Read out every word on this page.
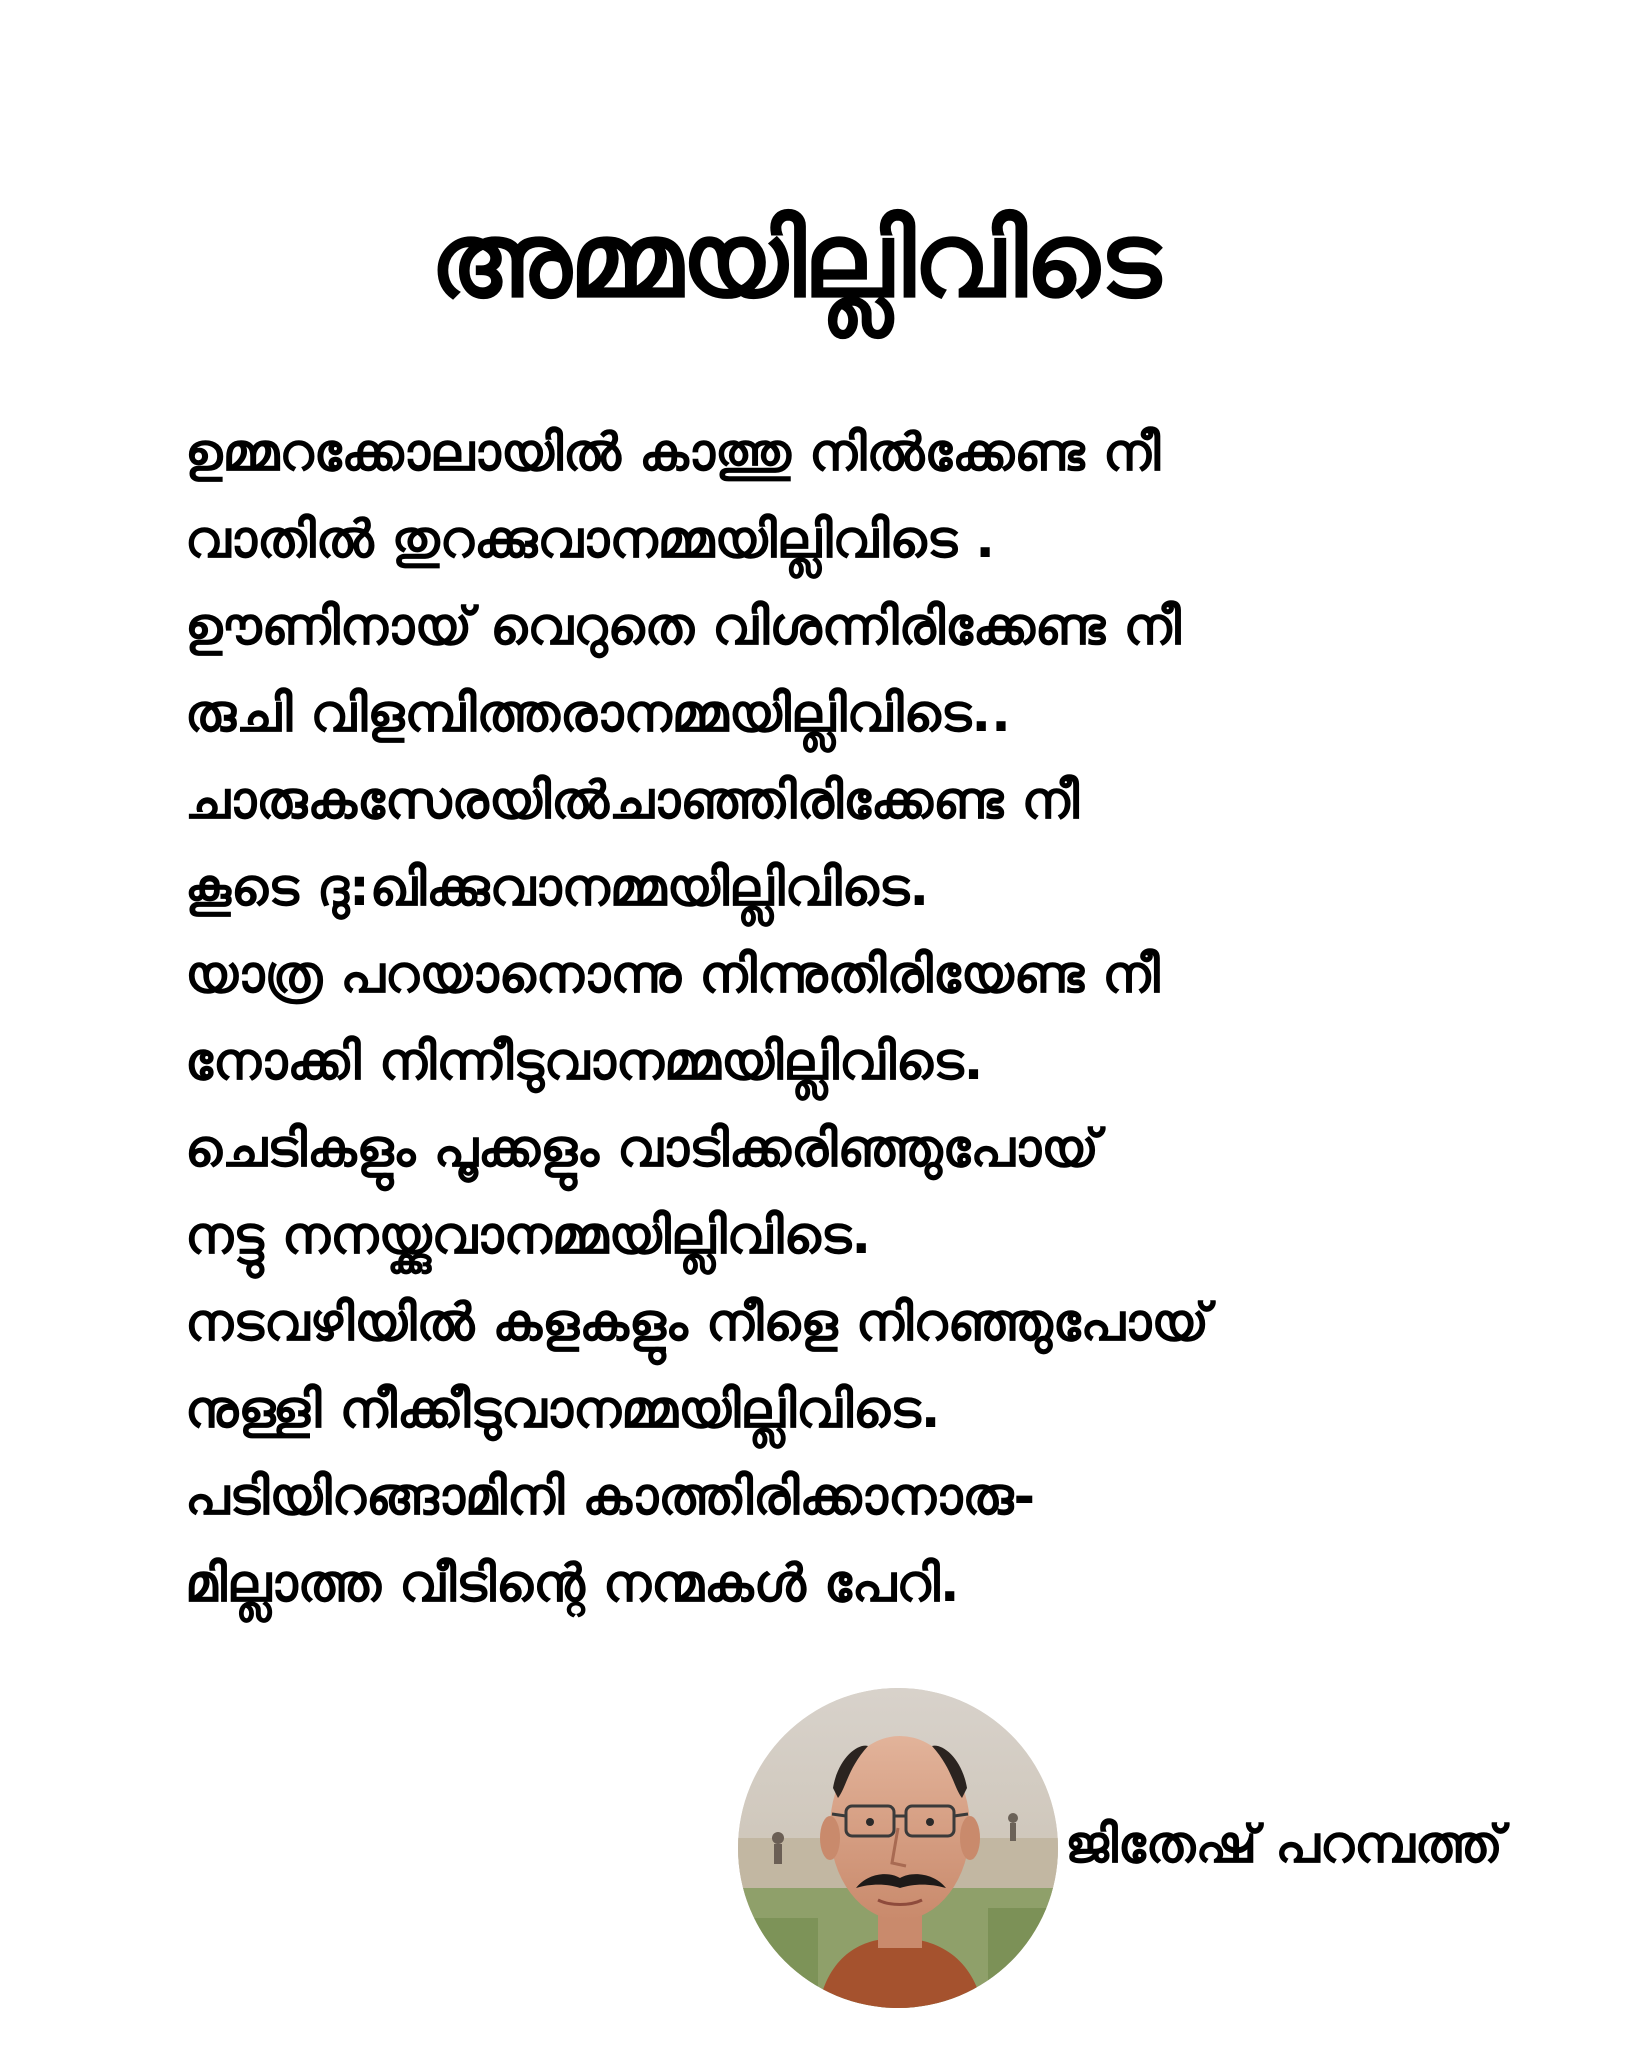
അമ്മയില്ലിവിടെ
ഉമ്മറക്കോലായിൽ കാത്തു നിൽക്കേണ്ട നീ
വാതിൽ തുറക്കുവാനമ്മയില്ലിവിടെ .
ഊണിനായ് വെറുതെ വിശന്നിരിക്കേണ്ട നീ
രുചി വിളമ്പിത്തരാനമ്മയില്ലിവിടെ..
ചാരുകസേരയിൽചാഞ്ഞിരിക്കേണ്ട നീ
കൂടെ ദു:ഖിക്കുവാനമ്മയില്ലിവിടെ.
യാത്ര പറയാനൊന്നു നിന്നുതിരിയേണ്ട നീ
നോക്കി നിന്നീടുവാനമ്മയില്ലിവിടെ.
ചെടികളും പൂക്കളും വാടിക്കരിഞ്ഞുപോയ്
നട്ടു നനയ്ക്കുവാനമ്മയില്ലിവിടെ.
നടവഴിയിൽ കളകളും നീളെ നിറഞ്ഞുപോയ്
നുള്ളി നീക്കീടുവാനമ്മയില്ലിവിടെ.
പടിയിറങ്ങാമിനി കാത്തിരിക്കാനാരു-
മില്ലാത്ത വീടിന്റെ നന്മകൾ പേറി.
ജിതേഷ് പറമ്പത്ത്
